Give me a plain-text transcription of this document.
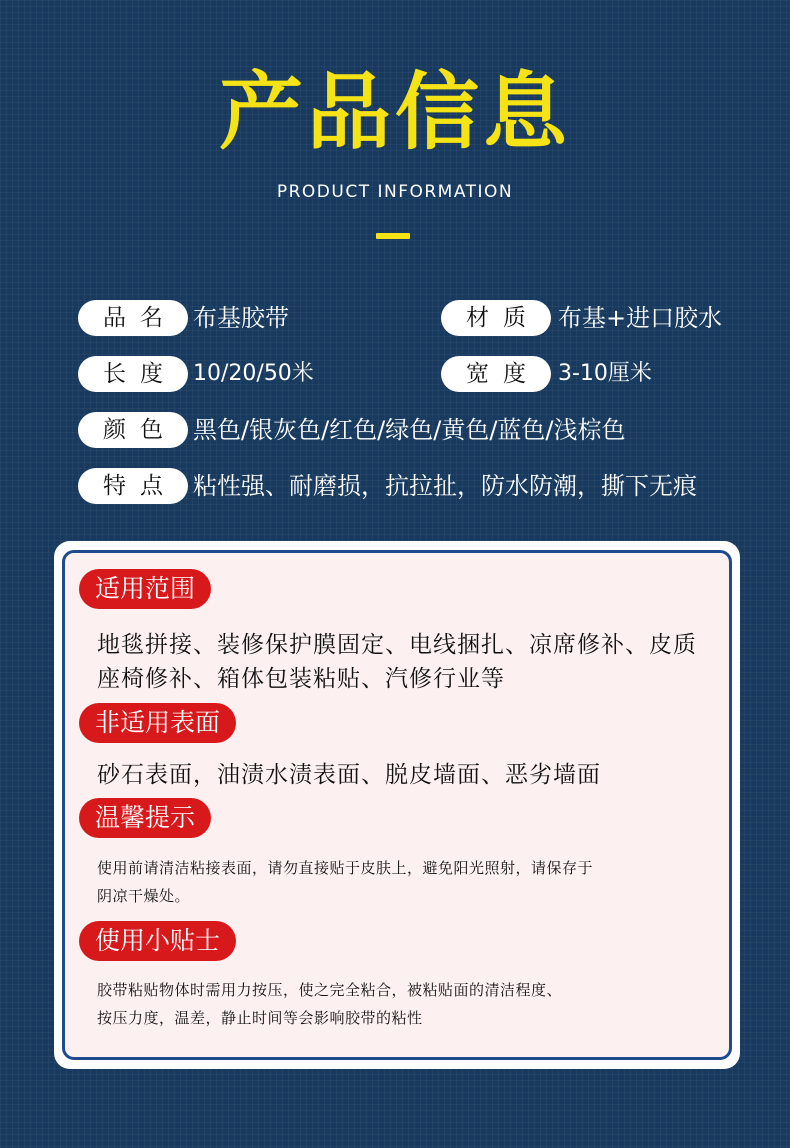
产品信息
PRODUCT INFORMATION
品名 布基胶带	材质 布基+进口胶水
长度 10/20/50米	宽度 3-10厘米
颜色 黑色/银灰色/红色/绿色/黄色/蓝色/浅棕色
特点 粘性强、耐磨损，抗拉扯，防水防潮，撕下无痕
适用范围
地毯拼接、装修保护膜固定、电线捆扎、凉席修补、皮质
座椅修补、箱体包装粘贴、汽修行业等
非适用表面
砂石表面，油渍水渍表面、脱皮墙面、恶劣墙面
温馨提示
使用前请清洁粘接表面，请勿直接贴于皮肤上，避免阳光照射，请保存于
阴凉干燥处。
使用小贴士
胶带粘贴物体时需用力按压，使之完全粘合，被粘贴面的清洁程度、
按压力度，温差，静止时间等会影响胶带的粘性
